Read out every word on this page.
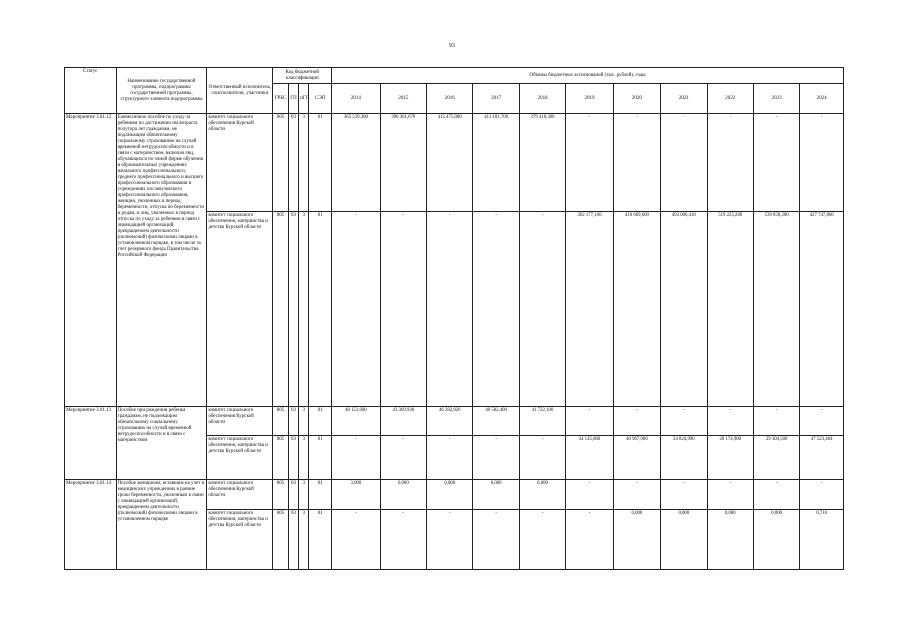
93
Статус	Наименование государственной программы, подпрограммы государственной программы, структурного элемента подпрограммы	Ответственный исполнитель, соисполнители, участники	Код бюджетной классификации				Объемы бюджетных ассигнований (тыс. рублей), годы										
			ГРБС	ГП	пГП	СЭП	2014	2015	2016	2017	2018	2019	2020	2021	2022	2023	2024
Мероприятие 3.01.12	Ежемесячное пособие по уходу за ребенком по достижении им возраста полутора лет гражданам, не подлежащим обязательному социальному страхованию на случай временной нетрудоспособности и в связи с материнством, включая лиц, обучающихся по очной форме обучения в образовательных учреждениях начального профессионального, среднего профессионального и высшего профессионального образования и учреждениях послевузовского профессионального образования, женщин, уволенных в период беременности, отпуска по беременности и родам, и лиц, уволенных в период отпуска по уходу за ребенком в связи с ликвидацией организаций, прекращением деятельности (полномочий) физическими лицами в установленном порядке, в том числе за счет резервного фонда Правительства Российской Федерации	комитет социального обеспечения Курской области	805	03	3	01	365 539,300	396 361,670	415 475,080	411 181,700	379 418,300	-	-	-	-	-	-
		комитет социального обеспечения, материнства и детства Курской области	805	03	3	01	-	-	-	-	-	362 177,100	410 669,600	493 006,410	519 225,200	539 858,200	427 747,860
Мероприятие 3.01.13	Пособие при рождении ребенка гражданам, не подлежащим обязательному социальному страхованию на случай временной нетрудоспособности и в связи с материнством	комитет социального обеспечения Курской области	805	03	3	01	40 151,600	43 369,930	46 282,020	40 582,400	41 722,100	-	-	-	-	-	-
		комитет социального обеспечения, материнства и детства Курской области	805	03	3	01	-	-	-	-	-	34 145,800	40 967,900	34 824,990	28 174,900	29 304,500	47 523,484
Мероприятие 3.01.14	Пособие женщинам, вставшим на учет в медицинских учреждениях в ранние сроки беременности, уволенным в связи с ликвидацией организаций, прекращением деятельности (полномочий) физическими лицами в установленном порядке	комитет социального обеспечения Курской области	805	03	3	01	3,000	0,000	0,000	0,000	0,000	-	-	-	-	-	-
		комитет социального обеспечения, материнства и детства Курской области	805	03	3	01	-	-	-	-	-	-	0,000	0,000	0,000	0,000	0,716
